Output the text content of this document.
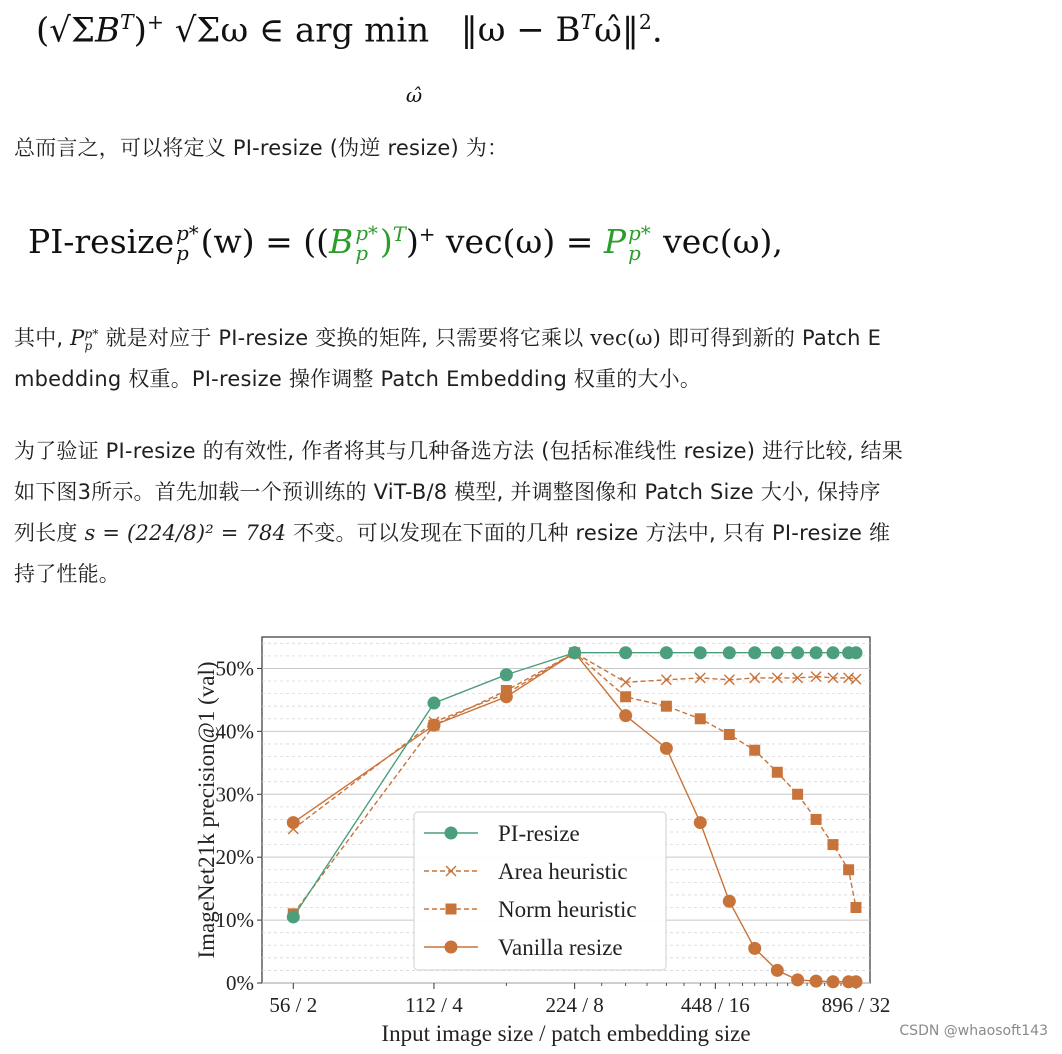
$(√\Sigma B^T)^+$ √Σω ∈ arg min
ω̂
‖ω − $B^T\omegâ‖^2$.
总而言之，可以将定义 PI-resize (伪逆 resize) 为：
PI-resize p*
p (w) = ((B p*
p )$^T$)+ vec(ω) = P p*
p vec(ω),
其中, P p*
p 就是对应于 PI-resize 变换的矩阵, 只需要将它乘以 vec(ω) 即可得到新的 Patch E
mbedding 权重。PI-resize 操作调整 Patch Embedding 权重的大小。
为了验证 PI-resize 的有效性, 作者将其与几种备选方法 (包括标准线性 resize) 进行比较, 结果
如下图3所示。首先加载一个预训练的 ViT-B/8 模型, 并调整图像和 Patch Size 大小, 保持序
列长度 s = (224/8)² = 784 不变。可以发现在下面的几种 resize 方法中, 只有 PI-resize 维
持了性能。
0%
10%
20%
30%
40%
50%
56 / 2	112 / 4	224 / 8	448 / 16	896 / 32
Input image size / patch embedding size
ImageNet21k precision@1 (val)	PI-resize
Area heuristic
Norm heuristic
Vanilla resize
CSDN @whaosoft143
